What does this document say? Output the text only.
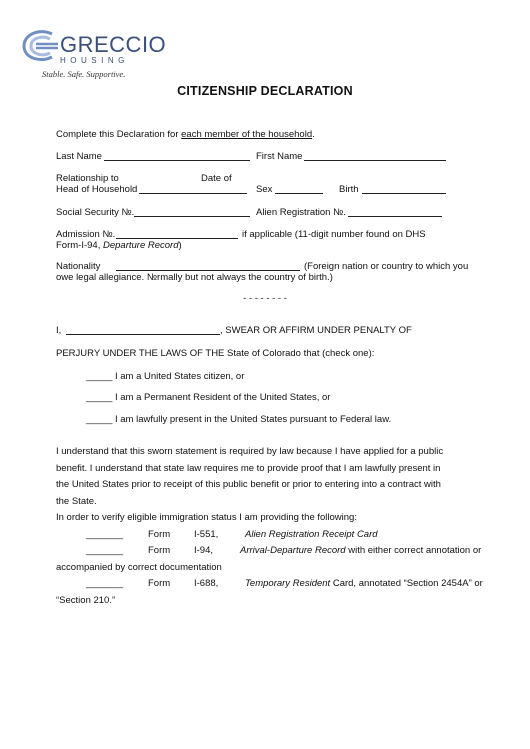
GRECCIO
HOUSING
Stable. Safe. Supportive.
CITIZENSHIP DECLARATION
Complete this Declaration for each member of the household.
Last Name	First Name
Relationship to	Date of
Head of Household	Sex	Birth
Social Security №.	Alien Registration №.
Admission №.	if applicable (11-digit number found on DHS
Form-I-94, Departure Record)
Nationality	(Foreign nation or country to which you
owe legal allegiance. №rmally but not always the country of birth.)
- - - - - - - -
I,	, SWEAR OR AFFIRM UNDER PENALTY OF
PERJURY UNDER THE LAWS OF THE State of Colorado that (check one):
_____ I am a United States citizen, or
_____ I am a Permanent Resident of the United States, or
_____ I am lawfully present in the United States pursuant to Federal law.
I understand that this sworn statement is required by law because I have applied for a public
benefit. I understand that state law requires me to provide proof that I am lawfully present in
the United States prior to receipt of this public benefit or prior to entering into a contract with
the State.
In order to verify eligible immigration status I am providing the following:
_______	Form	I-551,	Alien Registration Receipt Card
_______	Form	I-94,	Arrival-Departure Record with either correct annotation or
accompanied by correct documentation
_______	Form	I-688,	Temporary Resident Card, annotated “Section 2454A” or
“Section 210.”
